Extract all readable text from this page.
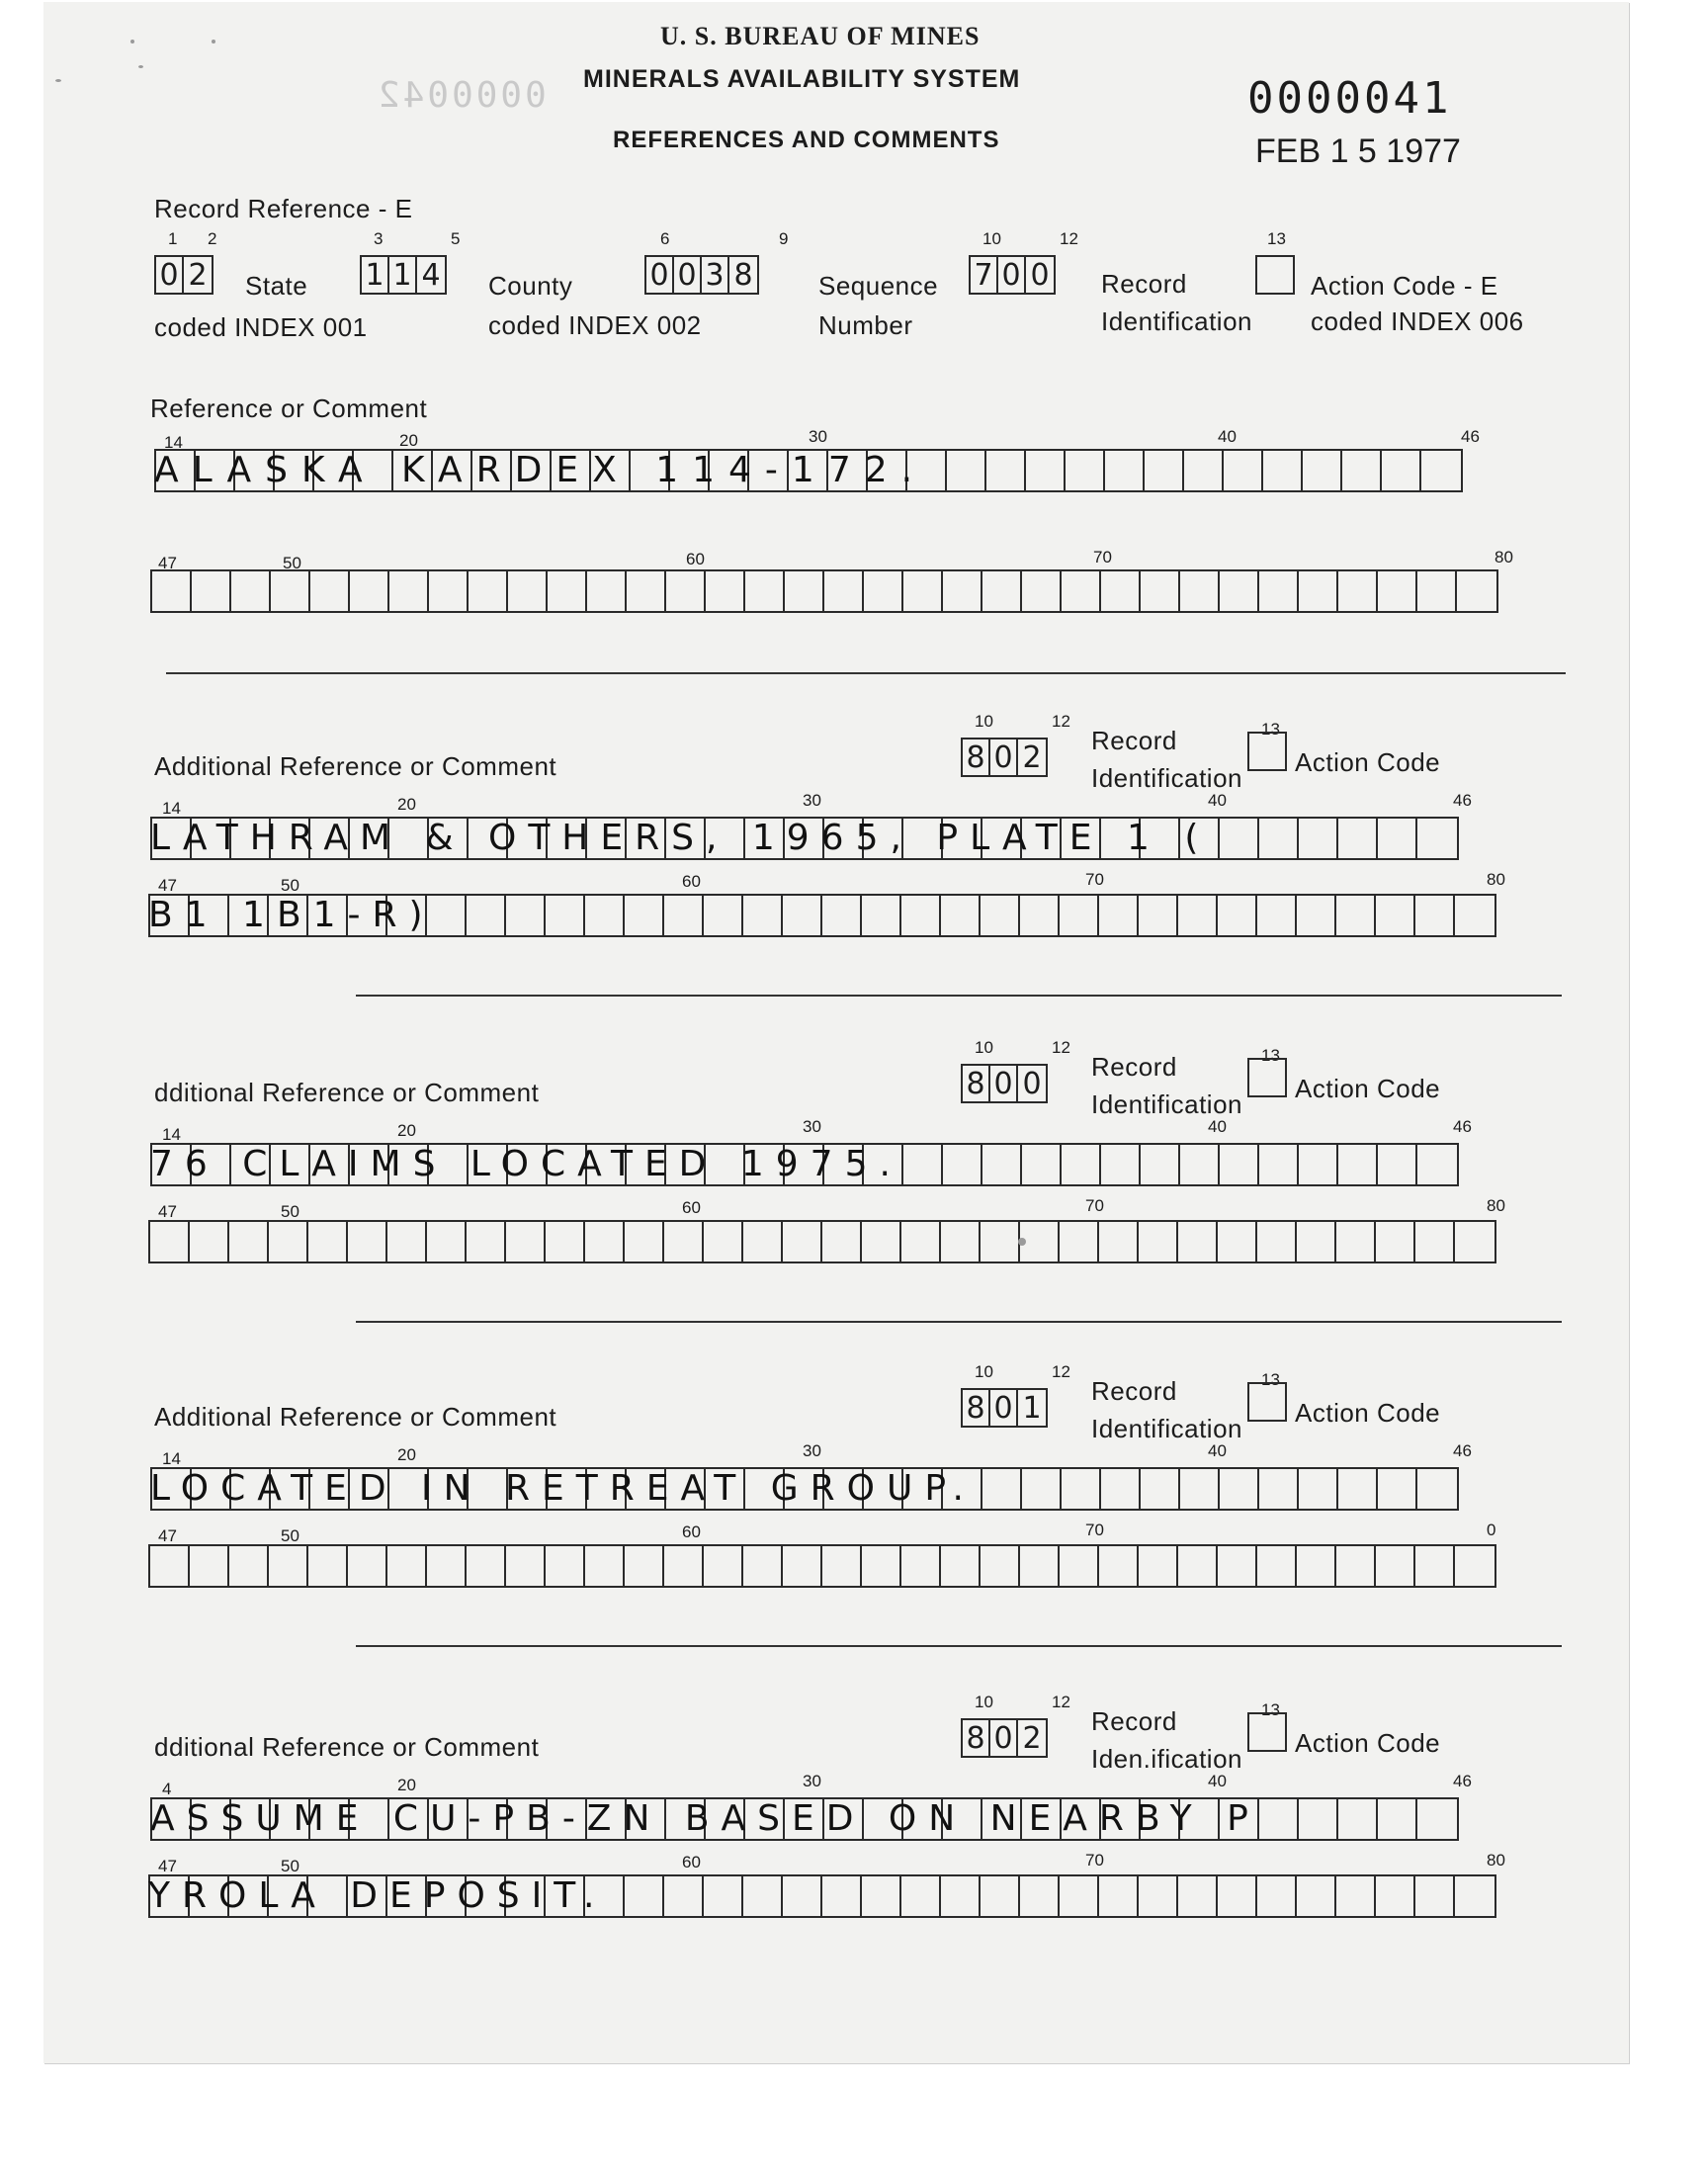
U. S. BUREAU OF MINES
MINERALS AVAILABILITY SYSTEM
REFERENCES AND COMMENTS
0000041
0000042
FEB 1 5 1977
Record Reference - E
1 2
0 2 State
coded INDEX 001
3	5
1 1 4 County
coded INDEX 002
6	9
0 0 3 8	Sequence
Number
10	12
7 0 0 Record
Identification
13
Action Code - E
coded INDEX 006
Reference or Comment
14	20	30	40	46
ALASKA KARDEX 114-172.
47	50	60	70	80
10	12	13
8 0 2 Record
Identification
Action Code
Additional Reference or Comment
14	20	30	40	46
LATHRAM & OTHERS, 1965, PLATE 1 (
47	50	60	70	80
B1 1B1-R)
10	12	13
8 0 0 Record
Identification
Action Code
dditional Reference or Comment
14	20	30	40	46
76 CLAIMS LOCATED 1975.
47	50	60	70	80
10	12	13
8 0 1 Record
Identification
Action Code
Additional Reference or Comment
14	20	30	40	46
LOCATED IN RETREAT GROUP.
47	50	60	70	0
10	12	13
8 0 2 Record
Iden.ification
Action Code
dditional Reference or Comment
4	20	30	40	46
ASSUME CU-PB-ZN BASED ON NEARBY P
47	50	60	70	80
YROLA DEPOSIT.
